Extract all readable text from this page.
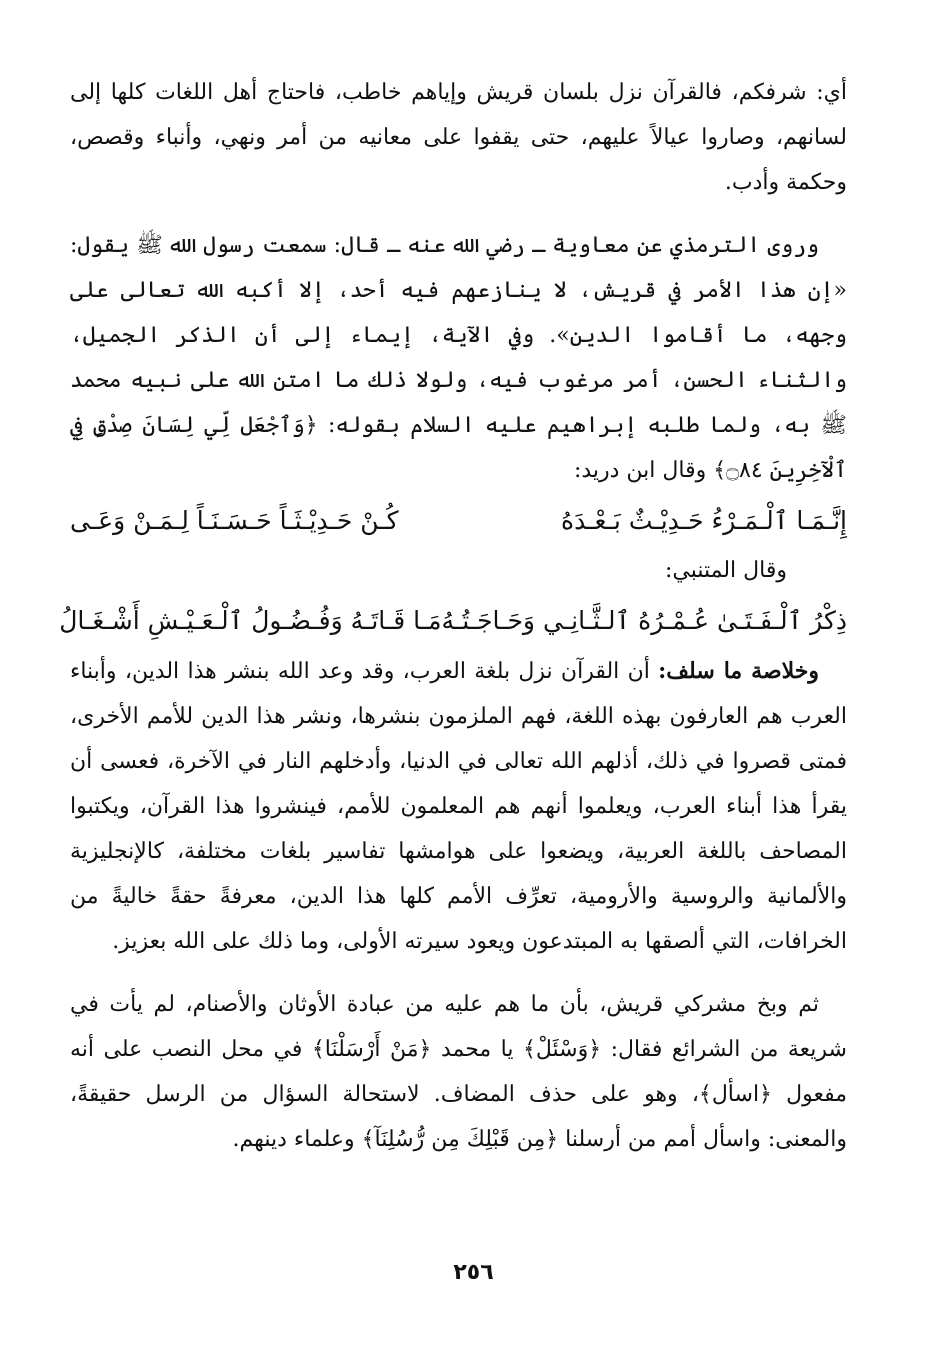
أي: شرفكم، فالقرآن نزل بلسان قريش وإياهم خاطب، فاحتاج أهل اللغات كلها إلى لسانهم، وصاروا عيالاً عليهم، حتى يقفوا على معانيه من أمر ونهي، وأنباء وقصص، وحكمة وأدب.

وروى الترمذي عن معاوية ـ رضي الله عنه ـ قال: سمعت رسول الله ﷺ يقول: «إن هذا الأمر في قريش، لا ينازعهم فيه أحد، إلا أكبه الله تعالى على وجهه، ما أقاموا الدين». وفي الآية، إيماء إلى أن الذكر الجميل، والثناء الحسن، أمر مرغوب فيه، ولولا ذلك ما امتن الله على نبيه محمد ﷺ به، ولما طلبه إبراهيم عليه السلام بقوله: ﴿وَٱجْعَل لِّي لِسَانَ صِدْقٍ فِي ٱلْآخِرِينَ ۝٨٤﴾ وقال ابن دريد:

إِنَّـمَـا ٱلْـمَـرْءُ حَـدِيْـثٌ بَـعْـدَهُ
كُـنْ حَـدِيْـثَـاً حَـسَـنَـاً لِـمَـنْ وَعَـى

وقال المتنبي:

ذِكْرُ ٱلْـفَـتَـىٰ عُـمْـرُهُ ٱلـثَّـانِـي وَحَـاجَـتُـهُ
مَـا قَـاتَـهُ وَفُـضُـولُ ٱلْـعَـيْـشِ أَشْـغَـالُ

وخلاصة ما سلف: أن القرآن نزل بلغة العرب، وقد وعد الله بنشر هذا الدين، وأبناء العرب هم العارفون بهذه اللغة، فهم الملزمون بنشرها، ونشر هذا الدين للأمم الأخرى، فمتى قصروا في ذلك، أذلهم الله تعالى في الدنيا، وأدخلهم النار في الآخرة، فعسى أن يقرأ هذا أبناء العرب، ويعلموا أنهم هم المعلمون للأمم، فينشروا هذا القرآن، ويكتبوا المصاحف باللغة العربية، ويضعوا على هوامشها تفاسير بلغات مختلفة، كالإنجليزية والألمانية والروسية والأرومية، تعرِّف الأمم كلها هذا الدين، معرفةً حقةً خاليةً من الخرافات، التي ألصقها به المبتدعون ويعود سيرته الأولى، وما ذلك على الله بعزيز.

ثم وبخ مشركي قريش، بأن ما هم عليه من عبادة الأوثان والأصنام، لم يأت في شريعة من الشرائع فقال: ﴿وَسْئَلْ﴾ يا محمد ﴿مَنْ أَرْسَلْنَا﴾ في محل النصب على أنه مفعول ﴿اسأل﴾، وهو على حذف المضاف. لاستحالة السؤال من الرسل حقيقةً، والمعنى: واسأل أمم من أرسلنا ﴿مِن قَبْلِكَ مِن رُّسُلِنَآ﴾ وعلماء دينهم.

٢٥٦
